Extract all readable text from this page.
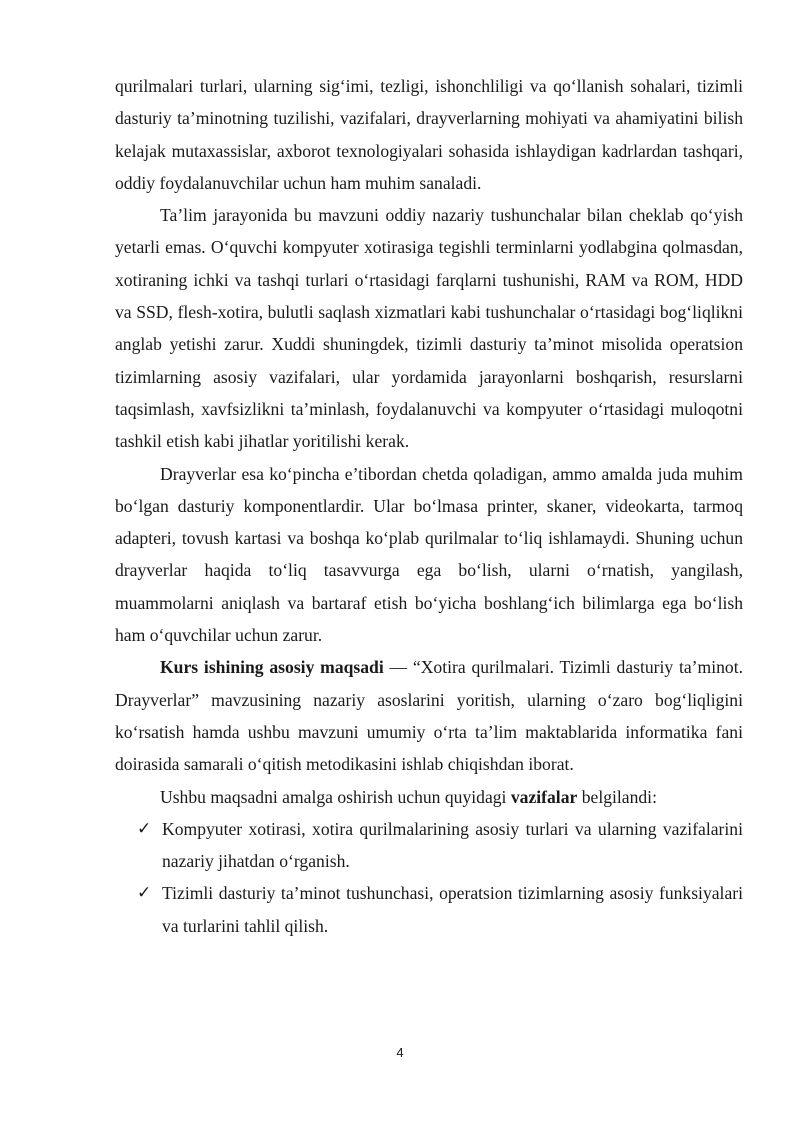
qurilmalari turlari, ularning sig‘imi, tezligi, ishonchliligi va qo‘llanish sohalari, tizimli dasturiy ta’minotning tuzilishi, vazifalari, drayverlarning mohiyati va ahamiyatini bilish kelajak mutaxassislar, axborot texnologiyalari sohasida ishlaydigan kadrlardan tashqari, oddiy foydalanuvchilar uchun ham muhim sanaladi.

Ta’lim jarayonida bu mavzuni oddiy nazariy tushunchalar bilan cheklab qo‘yish yetarli emas. O‘quvchi kompyuter xotirasiga tegishli terminlarni yodlabgina qolmasdan, xotiraning ichki va tashqi turlari o‘rtasidagi farqlarni tushunishi, RAM va ROM, HDD va SSD, flesh-xotira, bulutli saqlash xizmatlari kabi tushunchalar o‘rtasidagi bog‘liqlikni anglab yetishi zarur. Xuddi shuningdek, tizimli dasturiy ta’minot misolida operatsion tizimlarning asosiy vazifalari, ular yordamida jarayonlarni boshqarish, resurslarni taqsimlash, xavfsizlikni ta’minlash, foydalanuvchi va kompyuter o‘rtasidagi muloqotni tashkil etish kabi jihatlar yoritilishi kerak.

Drayverlar esa ko‘pincha e’tibordan chetda qoladigan, ammo amalda juda muhim bo‘lgan dasturiy komponentlardir. Ular bo‘lmasa printer, skaner, videokarta, tarmoq adapteri, tovush kartasi va boshqa ko‘plab qurilmalar to‘liq ishlamaydi. Shuning uchun drayverlar haqida to‘liq tasavvurga ega bo‘lish, ularni o‘rnatish, yangilash, muammolarni aniqlash va bartaraf etish bo‘yicha boshlang‘ich bilimlarga ega bo‘lish ham o‘quvchilar uchun zarur.

Kurs ishining asosiy maqsadi — “Xotira qurilmalari. Tizimli dasturiy ta’minot. Drayverlar” mavzusining nazariy asoslarini yoritish, ularning o‘zaro bog‘liqligini ko‘rsatish hamda ushbu mavzuni umumiy o‘rta ta’lim maktablarida informatika fani doirasida samarali o‘qitish metodikasini ishlab chiqishdan iborat.

Ushbu maqsadni amalga oshirish uchun quyidagi vazifalar belgilandi:

✓ Kompyuter xotirasi, xotira qurilmalarining asosiy turlari va ularning vazifalarini nazariy jihatdan o‘rganish.
✓ Tizimli dasturiy ta’minot tushunchasi, operatsion tizimlarning asosiy funksiyalari va turlarini tahlil qilish.
4
